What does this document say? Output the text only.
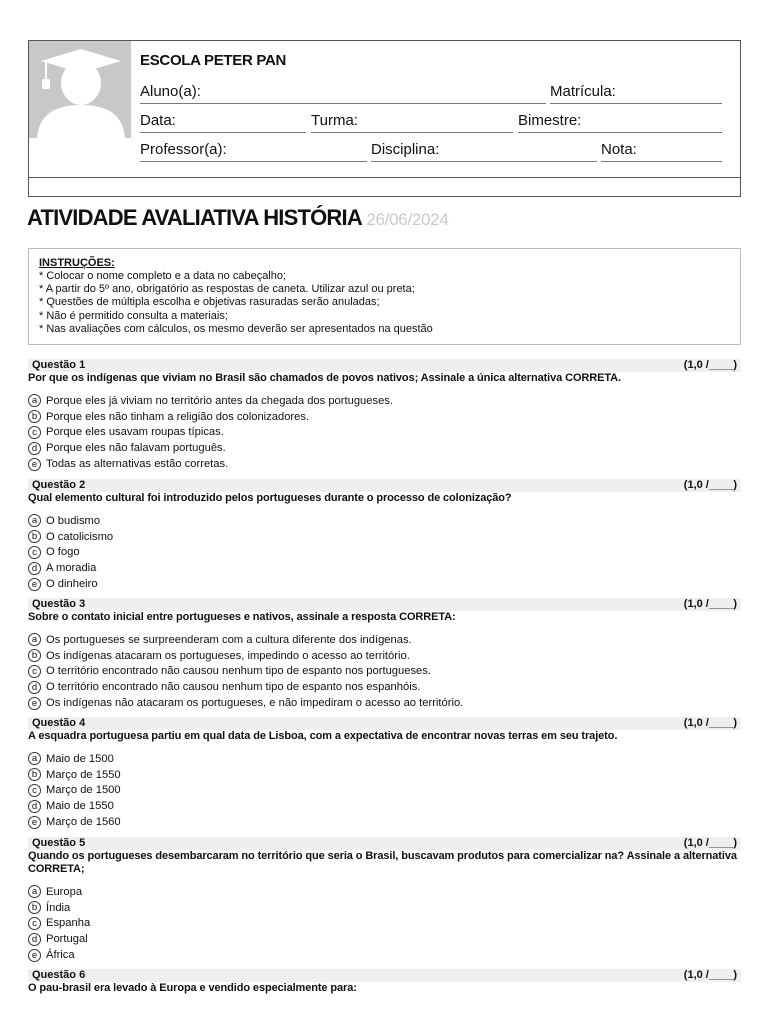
ESCOLA PETER PAN
Aluno(a):	Matrícula:
Data:	Turma:	Bimestre:
Professor(a):	Disciplina:	Nota:
ATIVIDADE AVALIATIVA HISTÓRIA 26/06/2024
INSTRUÇÕES:
* Colocar o nome completo e a data no cabeçalho;
* A partir do 5º ano, obrigatório as respostas de caneta. Utilizar azul ou preta;
* Questões de múltipla escolha e objetivas rasuradas serão anuladas;
* Não é permitido consulta a materiais;
* Nas avaliações com cálculos, os mesmo deverão ser apresentados na questão
Questão 1	(1,0 /____)
Por que os indígenas que viviam no Brasil são chamados de povos nativos; Assinale a única alternativa CORRETA.
a Porque eles já viviam no território antes da chegada dos portugueses.
b Porque eles não tinham a religião dos colonizadores.
c Porque eles usavam roupas típicas.
d Porque eles não falavam português.
e Todas as alternativas estão corretas.
Questão 2	(1,0 /____)
Qual elemento cultural foi introduzido pelos portugueses durante o processo de colonização?
a O budismo
b O catolicismo
c O fogo
d A moradia
e O dinheiro
Questão 3	(1,0 /____)
Sobre o contato inicial entre portugueses e nativos, assinale a resposta CORRETA:
a Os portugueses se surpreenderam com a cultura diferente dos indígenas.
b Os indígenas atacaram os portugueses, impedindo o acesso ao território.
c O território encontrado não causou nenhum tipo de espanto nos portugueses.
d O território encontrado não causou nenhum tipo de espanto nos espanhóis.
e Os indígenas não atacaram os portugueses, e não impediram o acesso ao território.
Questão 4	(1,0 /____)
A esquadra portuguesa partiu em qual data de Lisboa, com a expectativa de encontrar novas terras em seu trajeto.
a Maio de 1500
b Março de 1550
c Março de 1500
d Maio de 1550
e Março de 1560
Questão 5	(1,0 /____)
Quando os portugueses desembarcaram no território que seria o Brasil, buscavam produtos para comercializar na? Assinale a alternativa CORRETA;
a Europa
b Índia
c Espanha
d Portugal
e África
Questão 6	(1,0 /____)
O pau-brasil era levado à Europa e vendido especialmente para:
